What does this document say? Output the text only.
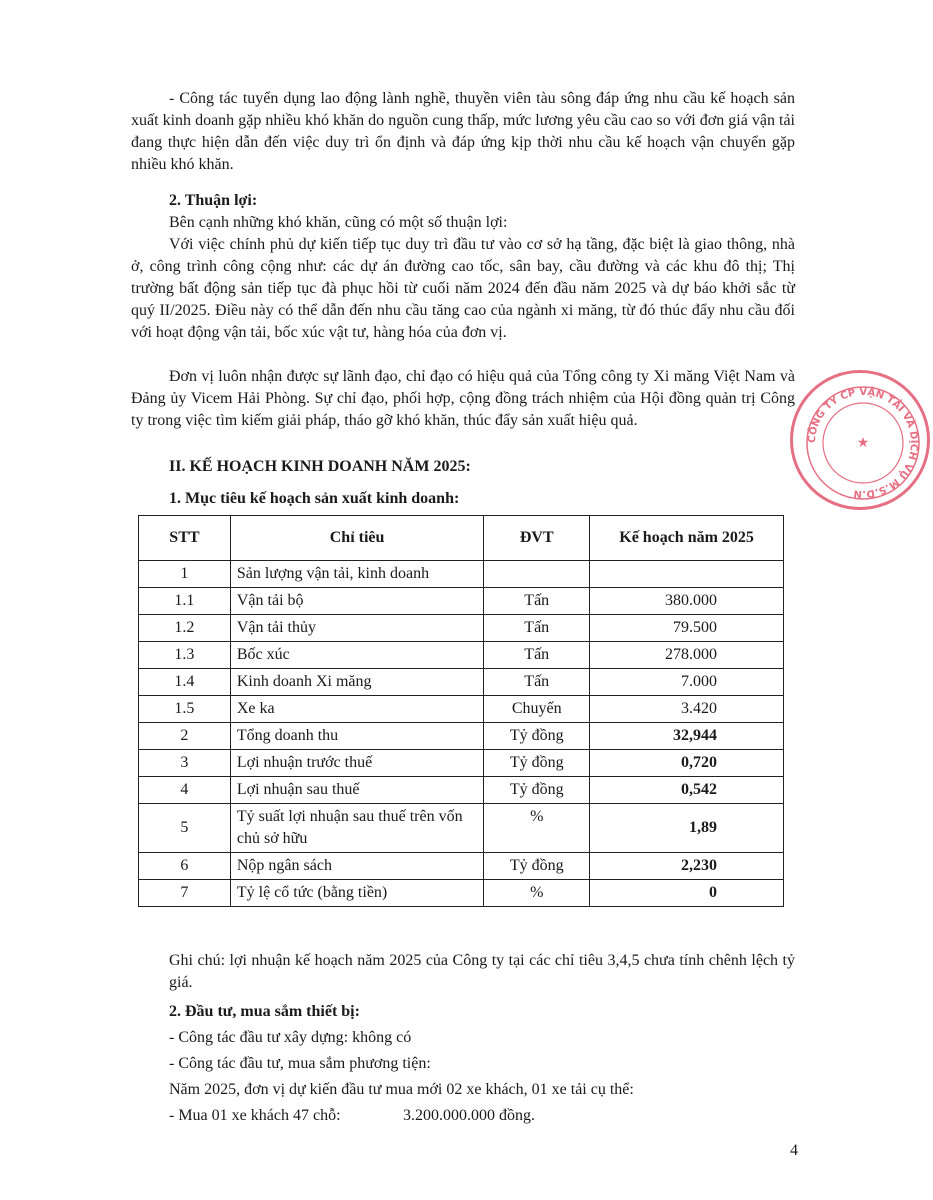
- Công tác tuyển dụng lao động lành nghề, thuyền viên tàu sông đáp ứng nhu cầu kế hoạch sản xuất kinh doanh gặp nhiều khó khăn do nguồn cung thấp, mức lương yêu cầu cao so với đơn giá vận tải đang thực hiện dẫn đến việc duy trì ổn định và đáp ứng kịp thời nhu cầu kế hoạch vận chuyển gặp nhiều khó khăn.

2. Thuận lợi:

Bên cạnh những khó khăn, cũng có một số thuận lợi:

Với việc chính phủ dự kiến tiếp tục duy trì đầu tư vào cơ sở hạ tầng, đặc biệt là giao thông, nhà ở, công trình công cộng như: các dự án đường cao tốc, sân bay, cầu đường và các khu đô thị; Thị trường bất động sản tiếp tục đà phục hồi từ cuối năm 2024 đến đầu năm 2025 và dự báo khởi sắc từ quý II/2025. Điều này có thể dẫn đến nhu cầu tăng cao của ngành xi măng, từ đó thúc đẩy nhu cầu đối với hoạt động vận tải, bốc xúc vật tư, hàng hóa của đơn vị.

Đơn vị luôn nhận được sự lãnh đạo, chỉ đạo có hiệu quả của Tổng công ty Xi măng Việt Nam và Đảng ủy Vicem Hải Phòng. Sự chỉ đạo, phối hợp, cộng đồng trách nhiệm của Hội đồng quản trị Công ty trong việc tìm kiếm giải pháp, tháo gỡ khó khăn, thúc đẩy sản xuất hiệu quả.

II. KẾ HOẠCH KINH DOANH NĂM 2025:

1. Mục tiêu kế hoạch sản xuất kinh doanh:

STT	Chỉ tiêu	ĐVT	Kế hoạch năm 2025
1	Sản lượng vận tải, kinh doanh		
1.1	Vận tải bộ	Tấn	380.000
1.2	Vận tải thủy	Tấn	79.500
1.3	Bốc xúc	Tấn	278.000
1.4	Kinh doanh Xi măng	Tấn	7.000
1.5	Xe ka	Chuyến	3.420
2	Tổng doanh thu	Tỷ đồng	32,944
3	Lợi nhuận trước thuế	Tỷ đồng	0,720
4	Lợi nhuận sau thuế	Tỷ đồng	0,542
5	Tỷ suất lợi nhuận sau thuế trên vốn chủ sở hữu	%	1,89
6	Nộp ngân sách	Tỷ đồng	2,230
7	Tỷ lệ cổ tức (bằng tiền)	%	0

Ghi chú: lợi nhuận kế hoạch năm 2025 của Công ty tại các chỉ tiêu 3,4,5 chưa tính chênh lệch tỷ giá.

2. Đầu tư, mua sắm thiết bị:

- Công tác đầu tư xây dựng: không có

- Công tác đầu tư, mua sắm phương tiện:

Năm 2025, đơn vị dự kiến đầu tư mua mới 02 xe khách, 01 xe tải cụ thể:

- Mua 01 xe khách 47 chỗ:	3.200.000.000 đồng.

4
CÔNG TY CP VẬN TẢI VÀ DỊCH VỤ M.S.D.N
★
